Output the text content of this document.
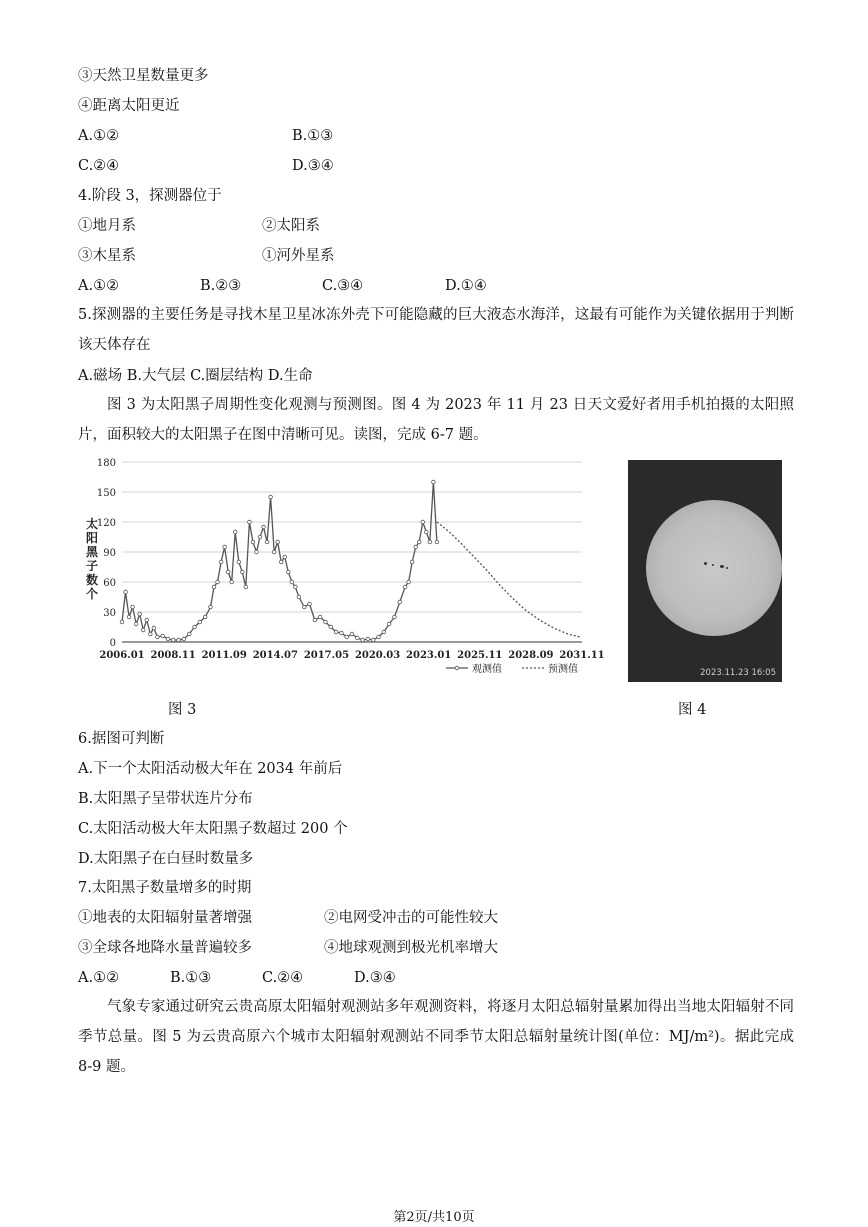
③天然卫星数量更多
④距离太阳更近
A.①②	B.①③
C.②④	D.③④
4.阶段 3，探测器位于
①地月系	②太阳系
③木星系	①河外星系
A.①②	B.②③	C.③④	D.①④
5.探测器的主要任务是寻找木星卫星冰冻外壳下可能隐藏的巨大液态水海洋，这最有可能作为关键依据用于判断该天体存在
A.磁场 B.大气层 C.圈层结构 D.生命
图 3 为太阳黑子周期性变化观测与预测图。图 4 为 2023 年 11 月 23 日天文爱好者用手机拍摄的太阳照片，面积较大的太阳黑子在图中清晰可见。读图，完成 6-7 题。
0
30
60
90
120
150
180
2006.01 2008.11 2011.09 2014.07 2017.05 2020.03 2023.01 2025.11 2028.09 2031.11
太
阳
黑
子
数
个
观测值	预测值	2023.11.23 16:05
图 3	图 4
6.据图可判断
A.下一个太阳活动极大年在 2034 年前后
B.太阳黑子呈带状连片分布
C.太阳活动极大年太阳黑子数超过 200 个
D.太阳黑子在白昼时数量多
7.太阳黑子数量增多的时期
①地表的太阳辐射量著增强	②电网受冲击的可能性较大
③全球各地降水量普遍较多	④地球观测到极光机率增大
A.①②	B.①③	C.②④	D.③④
气象专家通过研究云贵高原太阳辐射观测站多年观测资料，将逐月太阳总辐射量累加得出当地太阳辐射不同季节总量。图 5 为云贵高原六个城市太阳辐射观测站不同季节太阳总辐射量统计图(单位：MJ/m²)。据此完成 8-9 题。
第2页/共10页
